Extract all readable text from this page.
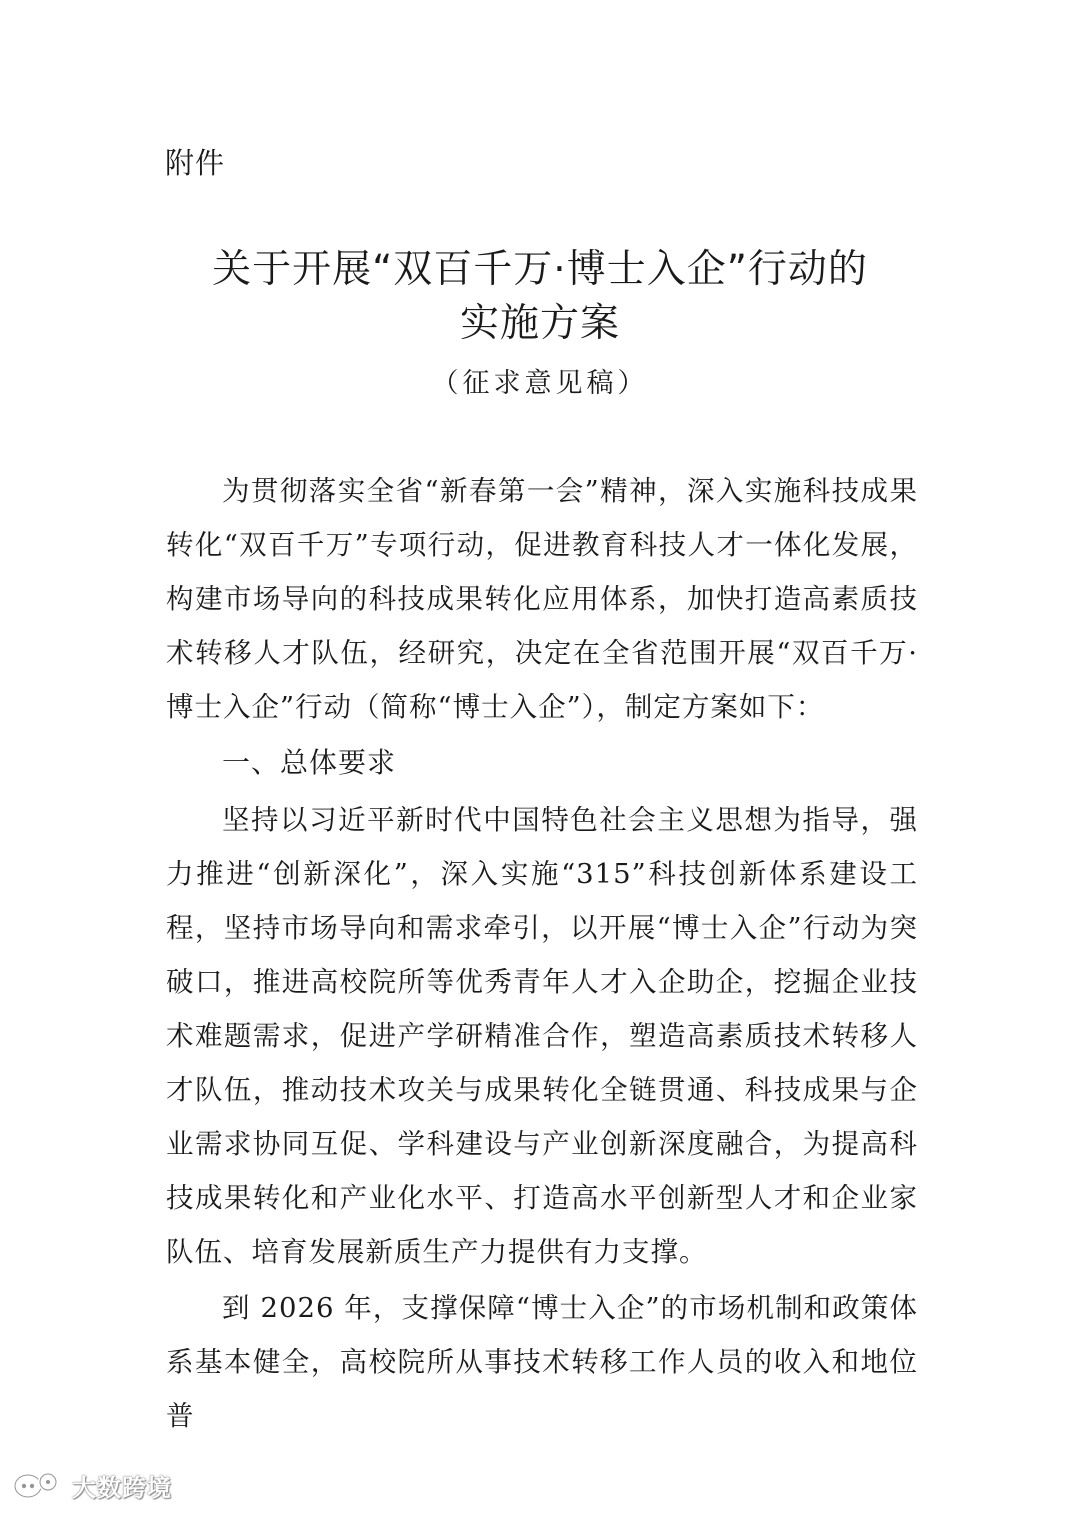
附件
关于开展“双百千万·博士入企”行动的
实施方案
（征求意见稿）
为贯彻落实全省“新春第一会”精神，深入实施科技成果转化“双百千万”专项行动，促进教育科技人才一体化发展，构建市场导向的科技成果转化应用体系，加快打造高素质技术转移人才队伍，经研究，决定在全省范围开展“双百千万·博士入企”行动（简称“博士入企”），制定方案如下：
一、总体要求
坚持以习近平新时代中国特色社会主义思想为指导，强力推进“创新深化”，深入实施“315”科技创新体系建设工程，坚持市场导向和需求牵引，以开展“博士入企”行动为突破口，推进高校院所等优秀青年人才入企助企，挖掘企业技术难题需求，促进产学研精准合作，塑造高素质技术转移人才队伍，推动技术攻关与成果转化全链贯通、科技成果与企业需求协同互促、学科建设与产业创新深度融合，为提高科技成果转化和产业化水平、打造高水平创新型人才和企业家队伍、培育发展新质生产力提供有力支撑。
到 2026 年，支撑保障“博士入企”的市场机制和政策体系基本健全，高校院所从事技术转移工作人员的收入和地位普
大数跨境
